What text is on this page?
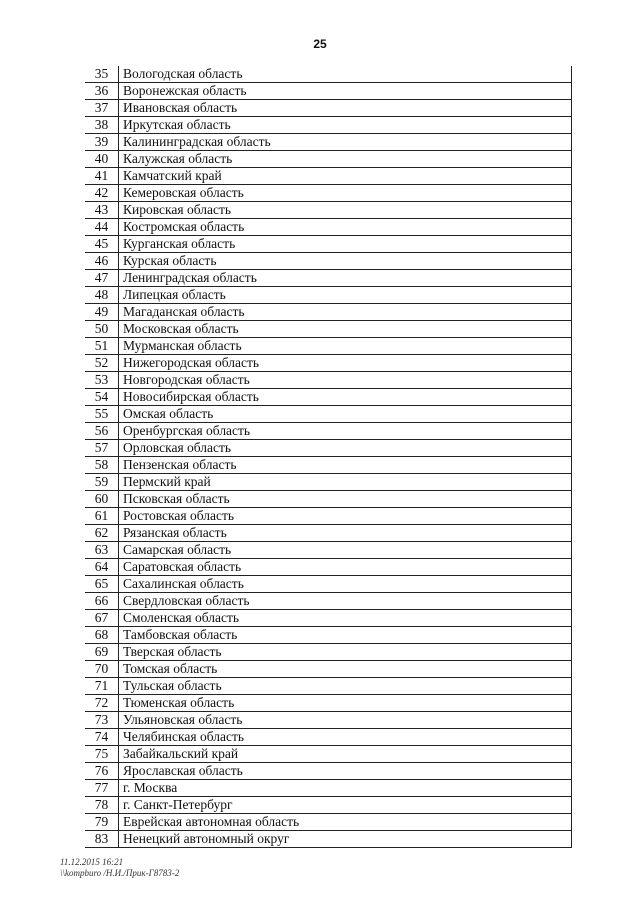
25
35	Вологодская область
36	Воронежская область
37	Ивановская область
38	Иркутская область
39	Калининградская область
40	Калужская область
41	Камчатский край
42	Кемеровская область
43	Кировская область
44	Костромская область
45	Курганская область
46	Курская область
47	Ленинградская область
48	Липецкая область
49	Магаданская область
50	Московская область
51	Мурманская область
52	Нижегородская область
53	Новгородская область
54	Новосибирская область
55	Омская область
56	Оренбургская область
57	Орловская область
58	Пензенская область
59	Пермский край
60	Псковская область
61	Ростовская область
62	Рязанская область
63	Самарская область
64	Саратовская область
65	Сахалинская область
66	Свердловская область
67	Смоленская область
68	Тамбовская область
69	Тверская область
70	Томская область
71	Тульская область
72	Тюменская область
73	Ульяновская область
74	Челябинская область
75	Забайкальский край
76	Ярославская область
77	г. Москва
78	г. Санкт-Петербург
79	Еврейская автономная область
83	Ненецкий автономный округ
11.12.2015 16:21
\\kompburo /Н.И./Прик-Г8783-2
